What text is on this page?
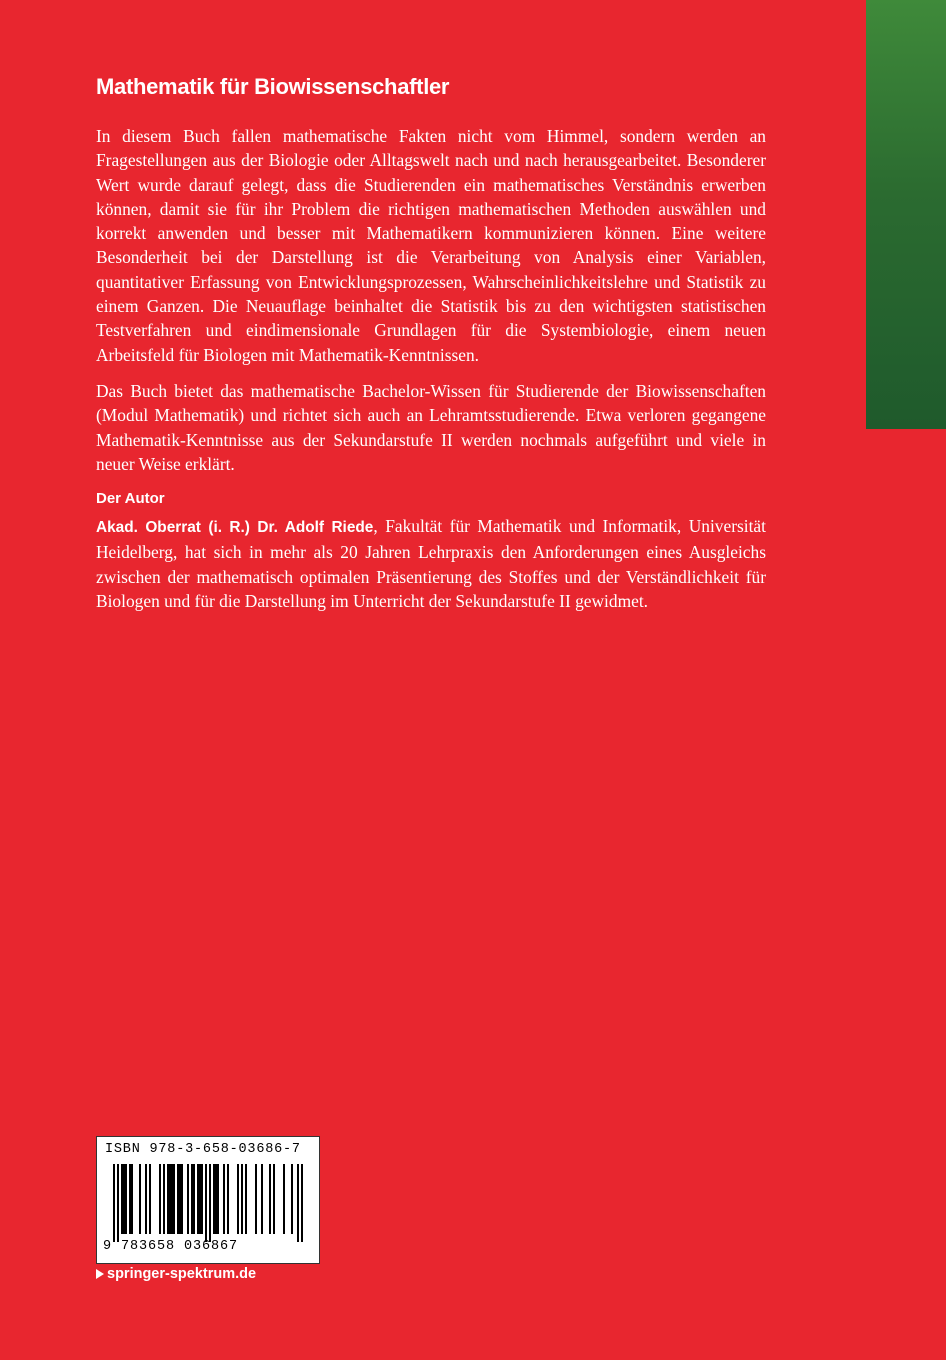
Mathematik für Biowissenschaftler

In diesem Buch fallen mathematische Fakten nicht vom Himmel, sondern werden an Fragestellungen aus der Biologie oder Alltagswelt nach und nach herausgearbeitet. Besonderer Wert wurde darauf gelegt, dass die Studierenden ein mathematisches Verständnis erwerben können, damit sie für ihr Problem die richtigen mathematischen Methoden auswählen und korrekt anwenden und besser mit Mathematikern kommunizieren können. Eine weitere Besonderheit bei der Darstellung ist die Verarbeitung von Analysis einer Variablen, quantitativer Erfassung von Entwicklungsprozessen, Wahrscheinlichkeitslehre und Statistik zu einem Ganzen. Die Neuauflage beinhaltet die Statistik bis zu den wichtigsten statistischen Testverfahren und eindimensionale Grundlagen für die Systembiologie, einem neuen Arbeitsfeld für Biologen mit Mathematik-Kenntnissen.

Das Buch bietet das mathematische Bachelor-Wissen für Studierende der Biowissenschaften (Modul Mathematik) und richtet sich auch an Lehramtsstudierende. Etwa verloren gegangene Mathematik-Kenntnisse aus der Sekundarstufe II werden nochmals aufgeführt und viele in neuer Weise erklärt.

Der Autor

Akad. Oberrat (i. R.) Dr. Adolf Riede, Fakultät für Mathematik und Informatik, Universität Heidelberg, hat sich in mehr als 20 Jahren Lehrpraxis den Anforderungen eines Ausgleichs zwischen der mathematisch optimalen Präsentierung des Stoffes und der Verständlichkeit für Biologen und für die Darstellung im Unterricht der Sekundarstufe II gewidmet.

ISBN 978-3-658-03686-7
9 783658 036867
springer-spektrum.de
